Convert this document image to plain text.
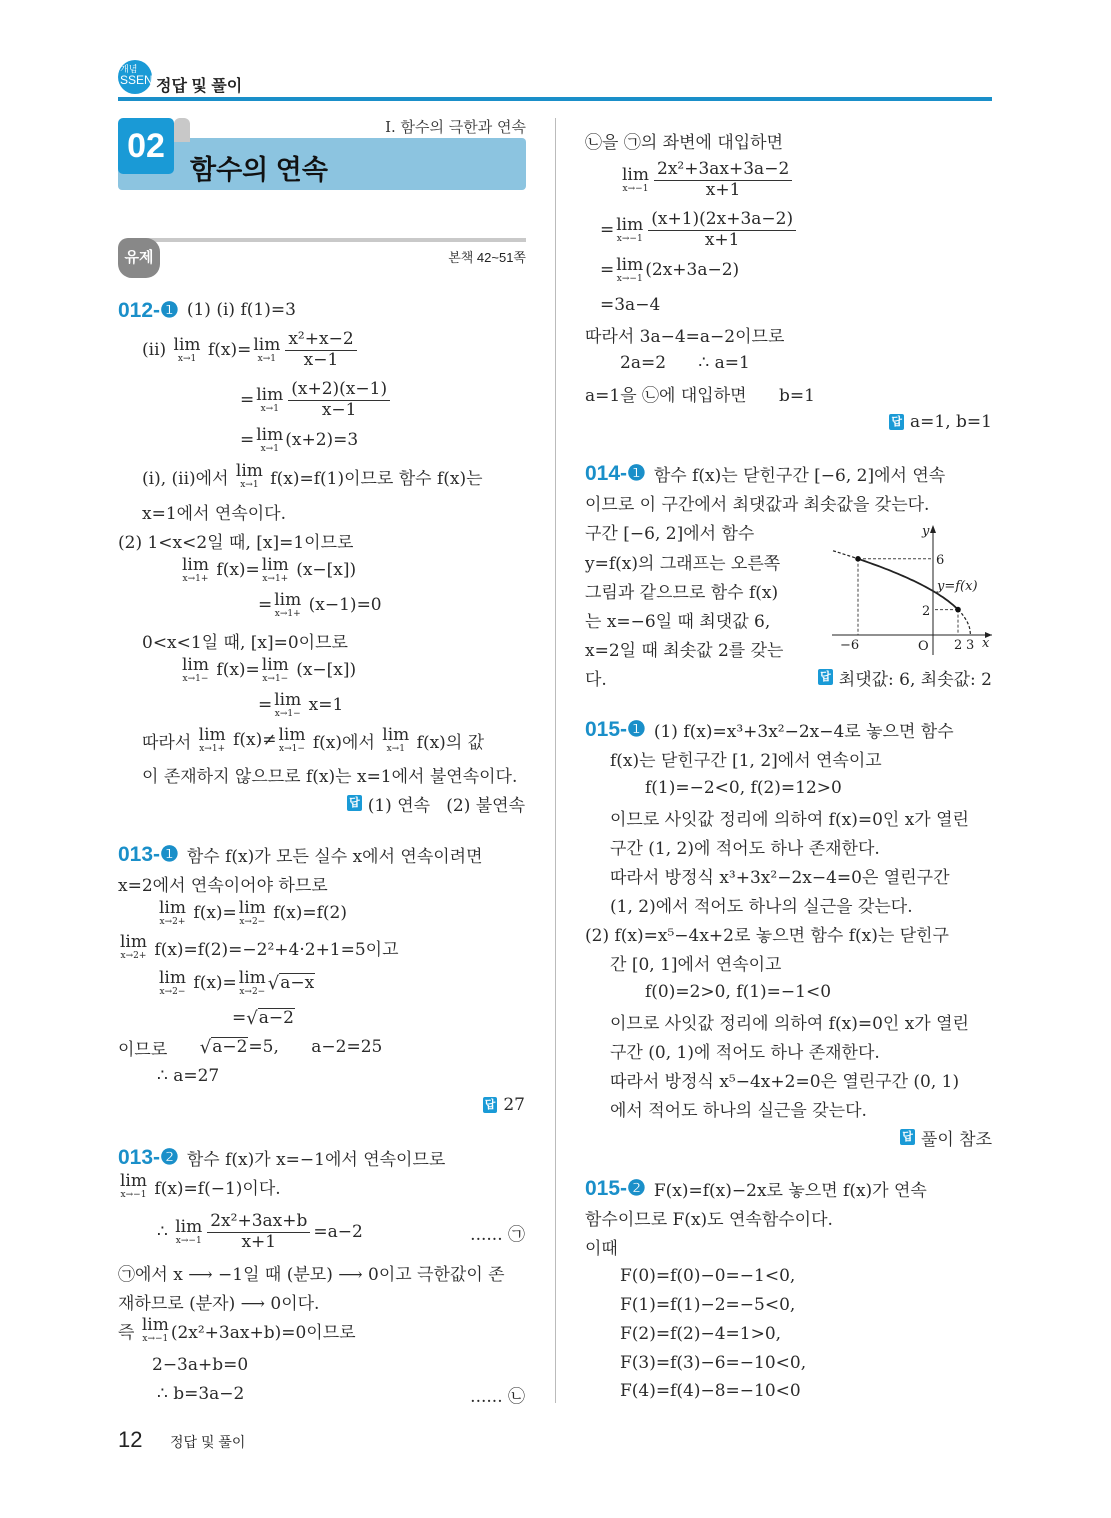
개념
SSEN 정답 및 풀이
02	Ⅰ. 함수의 극한과 연속
함수의 연속
유제	본책 42~51쪽
012-❶ (1) (i) f(1)=3
(ii) lim
x→1 f(x)= lim
$x\to 1 \frac{\text{x²+x−2}}{x-1}$
= lim
$x\to 1 \frac{(x+2)(x-1)}{x-1}$
= lim
x→1 (x+2)=3
(i), (ii)에서 lim
x→1 f(x)=f(1)이므로 함수 f(x)는
x=1에서 연속이다.
(2) 1<x<2일 때, [x]=1이므로
lim
x→1+ f(x)= lim
x→1+ (x−[x])
= lim
x→1+ (x−1)=0
0<x<1일 때, [x]=0이므로
lim
x→1− f(x)= lim
x→1− (x−[x])
= lim
x→1− x=1
따라서 lim
x→1+ f(x)≠ lim
x→1− f(x)에서 lim
x→1 f(x)의 값
이 존재하지 않으므로 f(x)는 x=1에서 불연속이다.
답 (1) 연속   (2) 불연속
013-❶ 함수 f(x)가 모든 실수 x에서 연속이려면
x=2에서 연속이어야 하므로
lim
x→2+ f(x)= lim
x→2− f(x)=f(2)
lim
x→2+ f(x)=f(2)=−2²+4·2+1=5이고
lim
x→2− f(x)= lim
x→2− √ a−x
= √ a−2
이므로 √ a−2 =5,      a−2=25
∴ a=27
답 27
013-❷ 함수 f(x)가 x=−1에서 연속이므로
lim
x→−1 f(x)=f(−1)이다.
∴ lim
$x\to-1 \frac{\text{2x²+3ax+b}}{x+1} =a-2$	...... ㉠
㉠에서 x ⟶ −1일 때 (분모) ⟶ 0이고 극한값이 존
재하므로 (분자) ⟶ 0이다.
즉 lim
x→−1 (2x²+3ax+b)=0이므로
2−3a+b=0
∴ b=3a−2	...... ㉡
㉡을 ㉠의 좌변에 대입하면
lim
$x\to-1 \frac{\text{2x²+3ax+3a−2}}{x+1}$
= lim
$x\to-1 \frac{(x+1)(2x+3a-2)}{x+1}$
= lim
x→−1 (2x+3a−2)
=3a−4
따라서 3a−4=a−2이므로
2a=2      ∴ a=1
a=1을 ㉡에 대입하면      b=1
답 a=1, b=1
014-❶ 함수 f(x)는 닫힌구간 [−6, 2]에서 연속
이므로 이 구간에서 최댓값과 최솟값을 갖는다.
구간 [−6, 2]에서 함수
y=f(x)의 그래프는 오른쪽
그림과 같으므로 함수 f(x)
는 x=−6일 때 최댓값 6,
x=2일 때 최솟값 2를 갖는
다.	답 최댓값: 6, 최솟값: 2
015-❶ (1) f(x)=x³+3x²−2x−4로 놓으면 함수
f(x)는 닫힌구간 [1, 2]에서 연속이고
f(1)=−2<0, f(2)=12>0
이므로 사잇값 정리에 의하여 f(x)=0인 x가 열린
구간 (1, 2)에 적어도 하나 존재한다.
따라서 방정식 x³+3x²−2x−4=0은 열린구간
(1, 2)에서 적어도 하나의 실근을 갖는다.
(2) f(x)=x⁵−4x+2로 놓으면 함수 f(x)는 닫힌구
간 [0, 1]에서 연속이고
f(0)=2>0, f(1)=−1<0
이므로 사잇값 정리에 의하여 f(x)=0인 x가 열린
구간 (0, 1)에 적어도 하나 존재한다.
따라서 방정식 x⁵−4x+2=0은 열린구간 (0, 1)
에서 적어도 하나의 실근을 갖는다.
답 풀이 참조
015-❷ F(x)=f(x)−2x로 놓으면 f(x)가 연속
함수이므로 F(x)도 연속함수이다.
이때
F(0)=f(0)−0=−1<0,
F(1)=f(1)−2=−5<0,
F(2)=f(2)−4=1>0,
F(3)=f(3)−6=−10<0,
F(4)=f(4)−8=−10<0
y
x
O
6
2
−6	2 3
y=f(x)
12 정답 및 풀이
